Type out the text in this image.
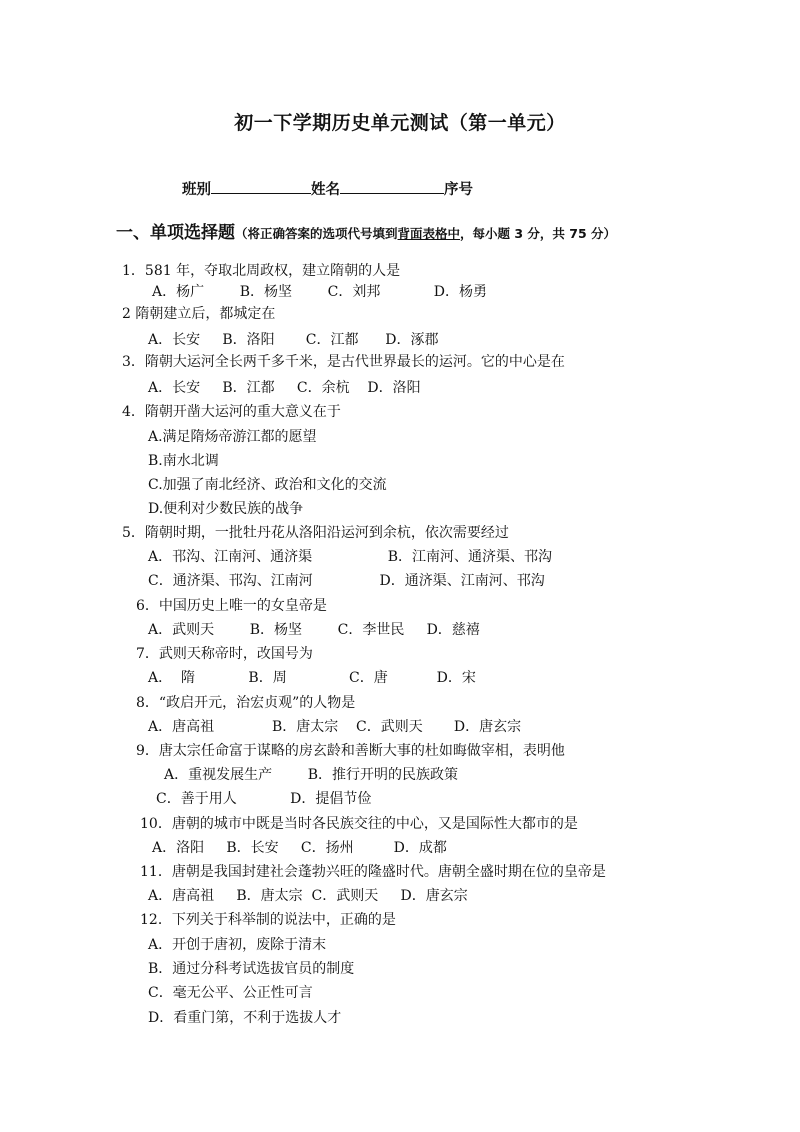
初一下学期历史单元测试（第一单元）
班别	姓名	序号
一、单项选择题（将正确答案的选项代号填到背面表格中，每小题 3 分，共 75 分）
1．581 年，夺取北周政权，建立隋朝的人是
A．杨广        B．杨坚        C．刘邦            D．杨勇
2 隋朝建立后，都城定在
A．长安     B．洛阳       C．江都      D．涿郡
3．隋朝大运河全长两千多千米，是古代世界最长的运河。它的中心是在
A．长安     B．江都     C．余杭    D．洛阳
4．隋朝开凿大运河的重大意义在于
A.满足隋炀帝游江都的愿望
B.南水北调
C.加强了南北经济、政治和文化的交流
D.便利对少数民族的战争
5．隋朝时期，一批牡丹花从洛阳沿运河到余杭，依次需要经过
A．邗沟、江南河、通济渠                 B．江南河、通济渠、邗沟
C．通济渠、邗沟、江南河               D．通济渠、江南河、邗沟
6．中国历史上唯一的女皇帝是
A．武则天        B．杨坚        C．李世民     D．慈禧
7．武则天称帝时，改国号为
A．  隋            B．周              C．唐           D．宋
8．“政启开元，治宏贞观”的人物是
A．唐高祖             B．唐太宗    C．武则天       D．唐玄宗
9．唐太宗任命富于谋略的房玄龄和善断大事的杜如晦做宰相，表明他
A．重视发展生产        B．推行开明的民族政策
C．善于用人            D．提倡节俭
10．唐朝的城市中既是当时各民族交往的中心，又是国际性大都市的是
A．洛阳     B．长安     C．扬州         D．成都
11．唐朝是我国封建社会蓬勃兴旺的隆盛时代。唐朝全盛时期在位的皇帝是
A．唐高祖     B．唐太宗  C．武则天     D．唐玄宗
12．下列关于科举制的说法中，正确的是
A．开创于唐初，废除于清末
B．通过分科考试选拔官员的制度
C．毫无公平、公正性可言
D．看重门第，不利于选拔人才
